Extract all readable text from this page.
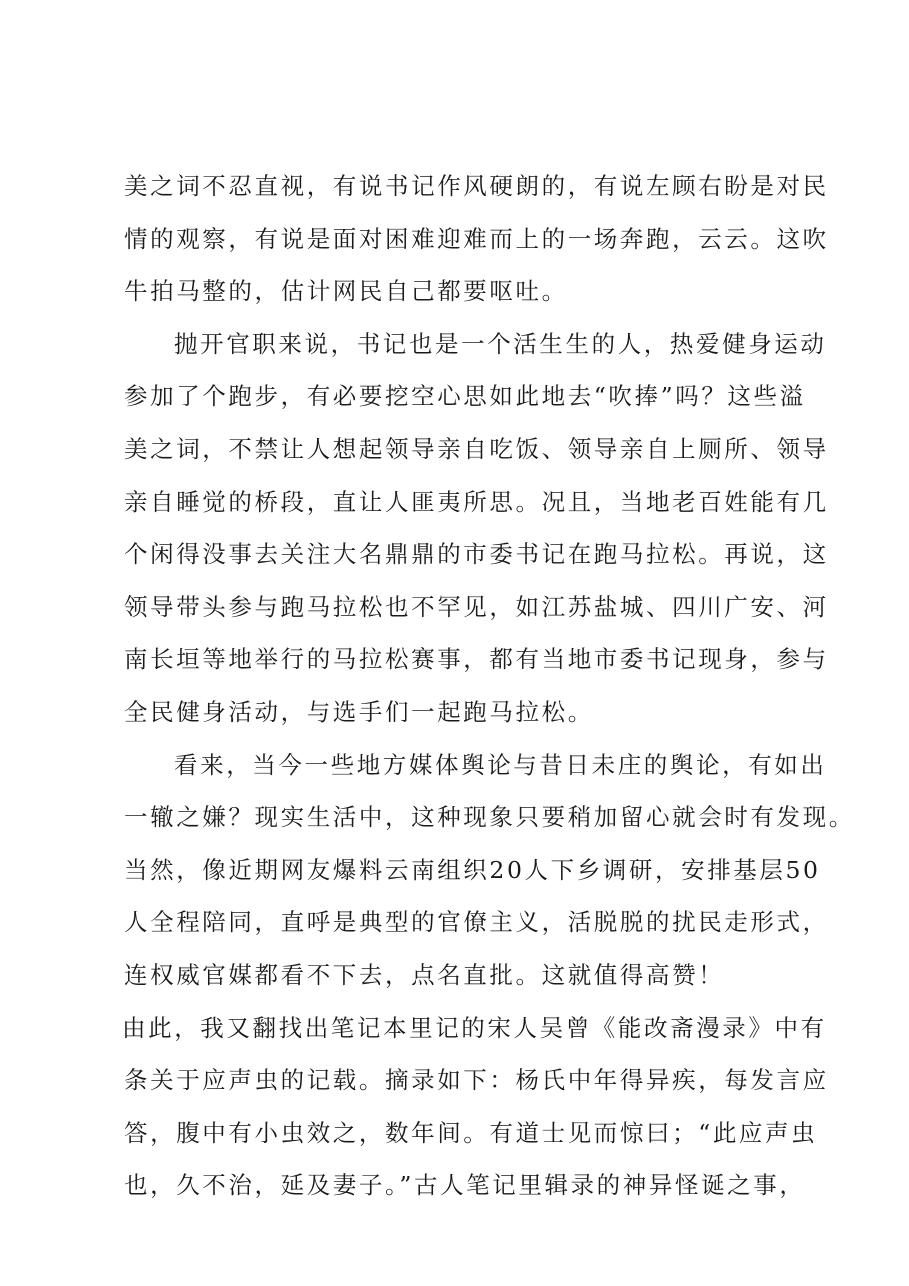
美之词不忍直视，有说书记作风硬朗的，有说左顾右盼是对民
情的观察，有说是面对困难迎难而上的一场奔跑，云云。这吹
牛拍马整的，估计网民自己都要呕吐。
抛开官职来说，书记也是一个活生生的人，热爱健身运动
参加了个跑步，有必要挖空心思如此地去“吹捧”吗？这些溢
美之词，不禁让人想起领导亲自吃饭、领导亲自上厕所、领导
亲自睡觉的桥段，直让人匪夷所思。况且，当地老百姓能有几
个闲得没事去关注大名鼎鼎的市委书记在跑马拉松。再说，这
领导带头参与跑马拉松也不罕见，如江苏盐城、四川广安、河
南长垣等地举行的马拉松赛事，都有当地市委书记现身，参与
全民健身活动，与选手们一起跑马拉松。
看来，当今一些地方媒体舆论与昔日未庄的舆论，有如出
一辙之嫌？现实生活中，这种现象只要稍加留心就会时有发现。
当然，像近期网友爆料云南组织20人下乡调研，安排基层50
人全程陪同，直呼是典型的官僚主义，活脱脱的扰民走形式，
连权威官媒都看不下去，点名直批。这就值得高赞！
由此，我又翻找出笔记本里记的宋人吴曾《能改斋漫录》中有
条关于应声虫的记载。摘录如下：杨氏中年得异疾，每发言应
答，腹中有小虫效之，数年间。有道士见而惊曰；“此应声虫
也，久不治，延及妻子。”古人笔记里辑录的神异怪诞之事，
